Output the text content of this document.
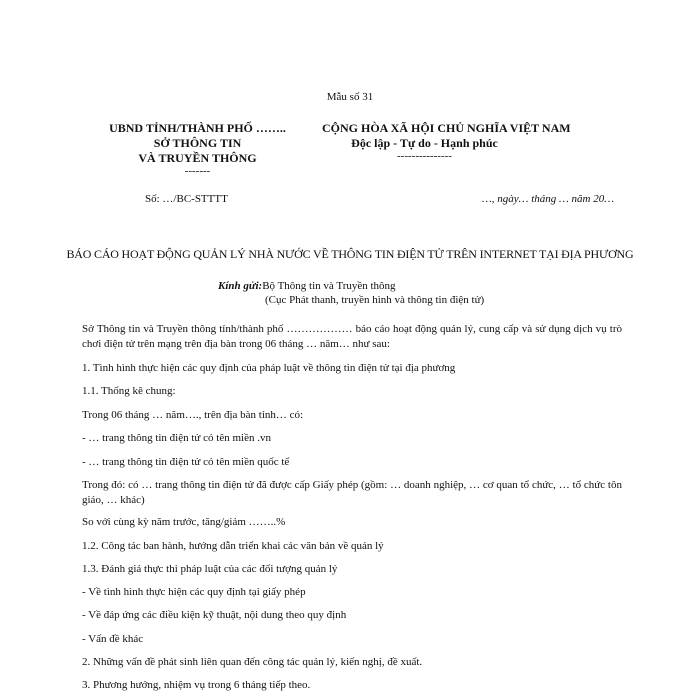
Mẫu số 31
UBND TỈNH/THÀNH PHỐ ……..
SỞ THÔNG TIN
VÀ TRUYỀN THÔNG
-------
CỘNG HÒA XÃ HỘI CHỦ NGHĨA VIỆT NAM
Độc lập - Tự do - Hạnh phúc
---------------
Số: …/BC-STTTT	…, ngày… tháng … năm 20…
BÁO CÁO HOẠT ĐỘNG QUẢN LÝ NHÀ NƯỚC VỀ THÔNG TIN ĐIỆN TỬ TRÊN INTERNET TẠI ĐỊA PHƯƠNG
Kính gửi:Bộ Thông tin và Truyền thông
(Cục Phát thanh, truyền hình và thông tin điện tử)
Sở Thông tin và Truyền thông tỉnh/thành phố ……………… báo cáo hoạt động quản lý, cung cấp và sử dụng dịch vụ trò chơi điện tử trên mạng trên địa bàn trong 06 tháng … năm… như sau:
1. Tình hình thực hiện các quy định của pháp luật về thông tin điện tử tại địa phương
1.1. Thống kê chung:
Trong 06 tháng … năm…., trên địa bàn tỉnh… có:
- … trang thông tin điện tử có tên miền .vn
- … trang thông tin điện tử có tên miền quốc tế
Trong đó: có … trang thông tin điện tử đã được cấp Giấy phép (gồm: … doanh nghiệp, … cơ quan tổ chức, … tổ chức tôn giáo, … khác)
So với cùng kỳ năm trước, tăng/giảm ……..%
1.2. Công tác ban hành, hướng dẫn triển khai các văn bản về quản lý
1.3. Đánh giá thực thi pháp luật của các đối tượng quản lý
- Về tình hình thực hiện các quy định tại giấy phép
- Về đáp ứng các điều kiện kỹ thuật, nội dung theo quy định
- Vấn đề khác
2. Những vấn đề phát sinh liên quan đến công tác quản lý, kiến nghị, đề xuất.
3. Phương hướng, nhiệm vụ trong 6 tháng tiếp theo.
